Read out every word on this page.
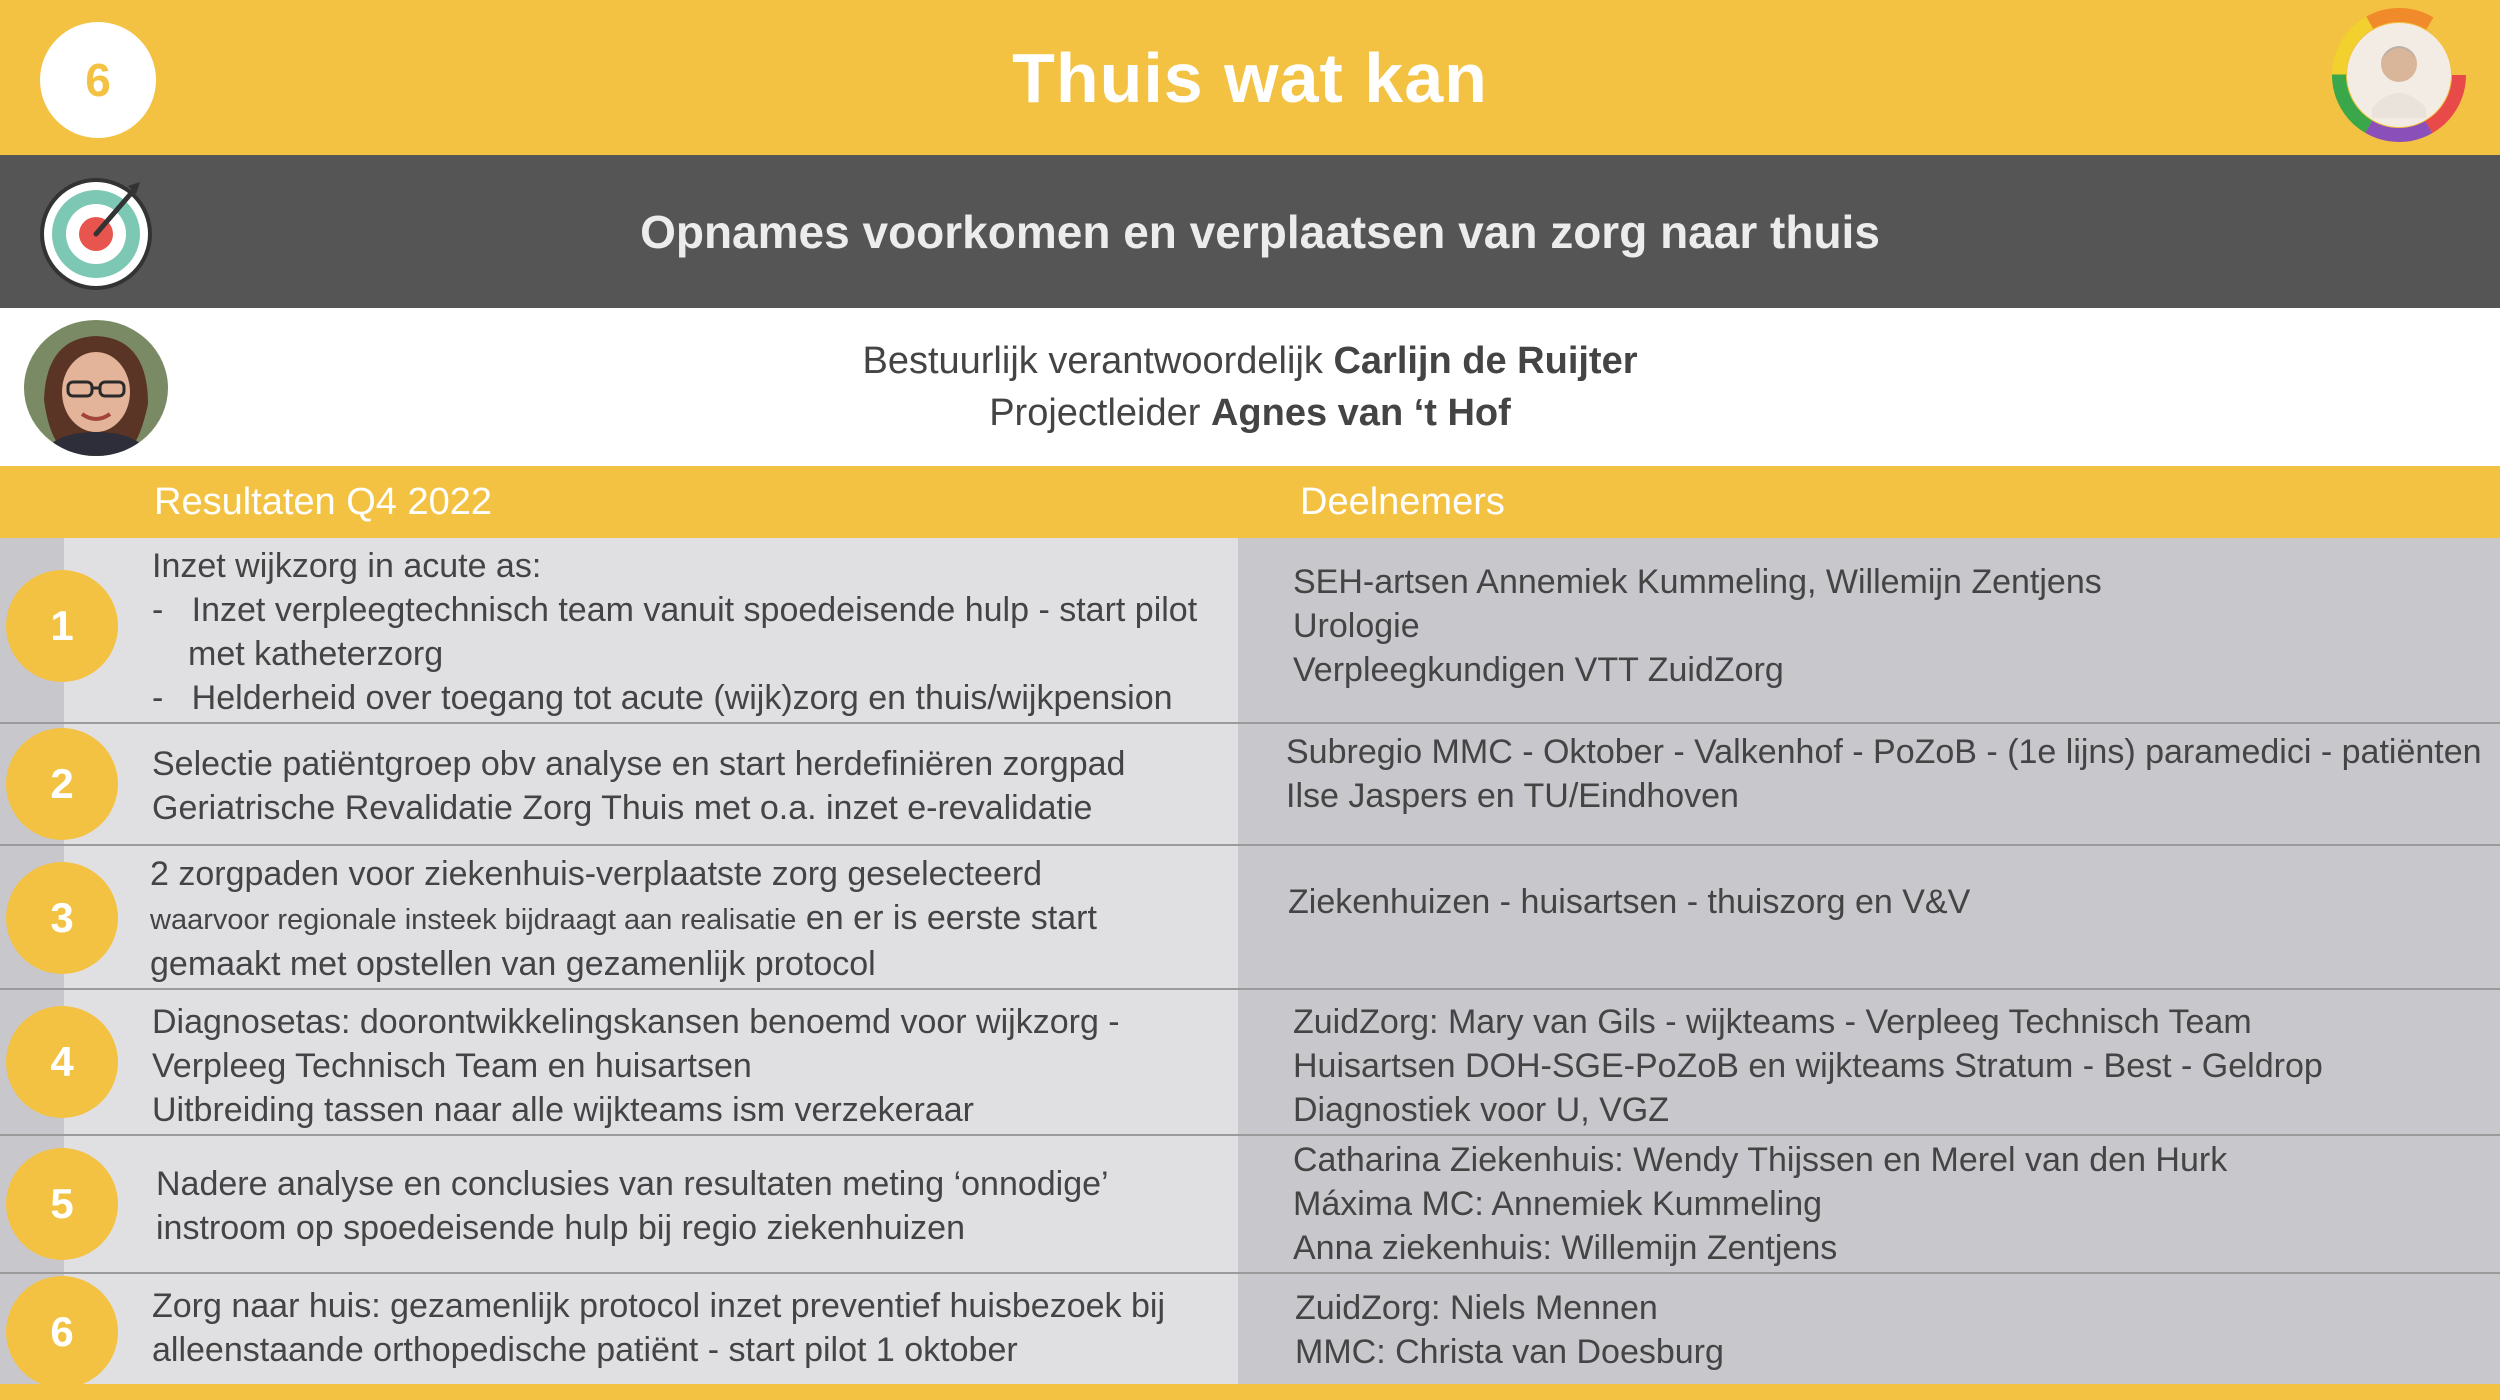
6	Thuis wat kan
Opnames voorkomen en verplaatsen van zorg naar thuis
Bestuurlijk verantwoordelijk Carlijn de Ruijter
Projectleider Agnes van ‘t Hof
Resultaten Q4 2022	Deelnemers
1
Inzet wijkzorg in acute as:
-   Inzet verpleegtechnisch team vanuit spoedeisende hulp - start pilot met katheterzorg
-   Helderheid over toegang tot acute (wijk)zorg en thuis/wijkpension
SEH-artsen Annemiek Kummeling, Willemijn Zentjens
Urologie
Verpleegkundigen VTT ZuidZorg
2 Selectie patiëntgroep obv analyse en start herdefiniëren zorgpad
Geriatrische Revalidatie Zorg Thuis met o.a. inzet e-revalidatie
Subregio MMC - Oktober - Valkenhof - PoZoB - (1e lijns) paramedici - patiënten
Ilse Jaspers en TU/Eindhoven
3
2 zorgpaden voor ziekenhuis-verplaatste zorg geselecteerd
waarvoor regionale insteek bijdraagt aan realisatie en er is eerste start
gemaakt met opstellen van gezamenlijk protocol
Ziekenhuizen - huisartsen - thuiszorg en V&V
4
Diagnosetas: doorontwikkelingskansen benoemd voor wijkzorg -
Verpleeg Technisch Team en huisartsen
Uitbreiding tassen naar alle wijkteams ism verzekeraar
ZuidZorg: Mary van Gils - wijkteams - Verpleeg Technisch Team
Huisartsen DOH-SGE-PoZoB en wijkteams Stratum - Best - Geldrop
Diagnostiek voor U, VGZ
5 Nadere analyse en conclusies van resultaten meting ‘onnodige’
instroom op spoedeisende hulp bij regio ziekenhuizen
Catharina Ziekenhuis: Wendy Thijssen en Merel van den Hurk
Máxima MC: Annemiek Kummeling
Anna ziekenhuis: Willemijn Zentjens
6
Zorg naar huis: gezamenlijk protocol inzet preventief huisbezoek bij
alleenstaande orthopedische patiënt - start pilot 1 oktober
ZuidZorg: Niels Mennen
MMC: Christa van Doesburg
